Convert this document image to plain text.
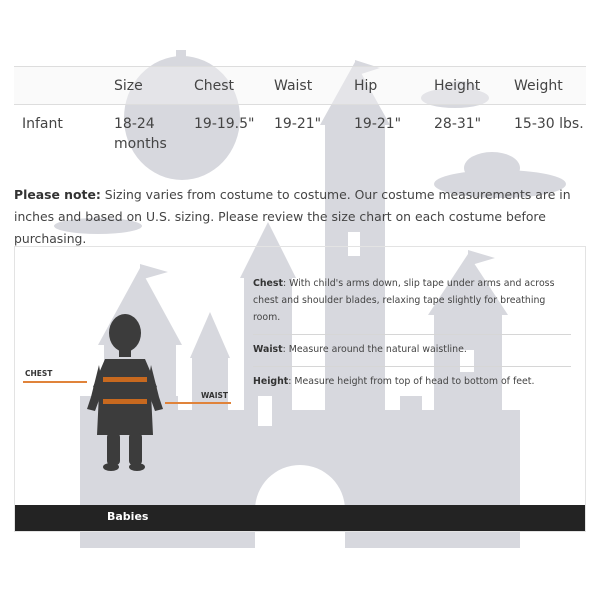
	Size	Chest	Waist	Hip	Height	Weight
Infant	18-24 months	19-19.5"	19-21"	19-21"	28-31"	15-30 lbs.
Please note: Sizing varies from costume to costume. Our costume measurements are in inches and based on U.S. sizing. Please review the size chart on each costume before purchasing.
CHEST
WAIST
Chest: With child's arms down, slip tape under arms and across chest and shoulder blades, relaxing tape slightly for breathing room.
Waist: Measure around the natural waistline.
Height: Measure height from top of head to bottom of feet.
Babies
